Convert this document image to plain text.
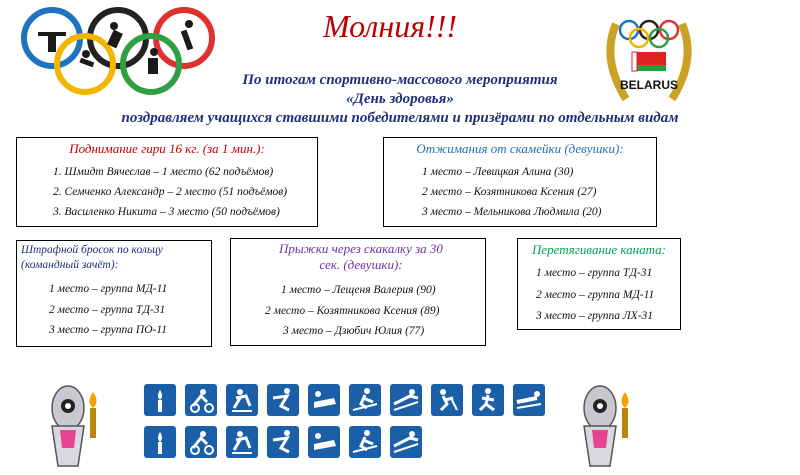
Молния!!!
BELARUS
По итогам спортивно-массового мероприятия
«День здоровья»
поздравляем учащихся ставшими победителями и призёрами по отдельным видам
Поднимание гири 16 кг. (за 1 мин.):
1. Шмидт Вячеслав – 1 место (62 подъёмов)
2. Семченко Александр – 2 место (51 подъёмов)
3. Василенко Никита – 3 место (50 подъёмов)
Отжимания от скамейки (девушки):
1 место – Левицкая Алина (30)
2 место – Козятникова Ксения (27)
3 место – Мельникова Людмила (20)
Штрафной бросок по кольцу (командный зачёт):
1 место – группа МД-11
2 место – группа ТД-31
3 место – группа ПО-11
Прыжки через скакалку за 30 сек. (девушки):
1 место – Лещеня Валерия (90)
2 место – Козятникова Ксения (89)
3 место – Дзюбич Юлия (77)
Перетягивание каната:
1 место – группа ТД-31
2 место – группа МД-11
3 место – группа ЛХ-31
